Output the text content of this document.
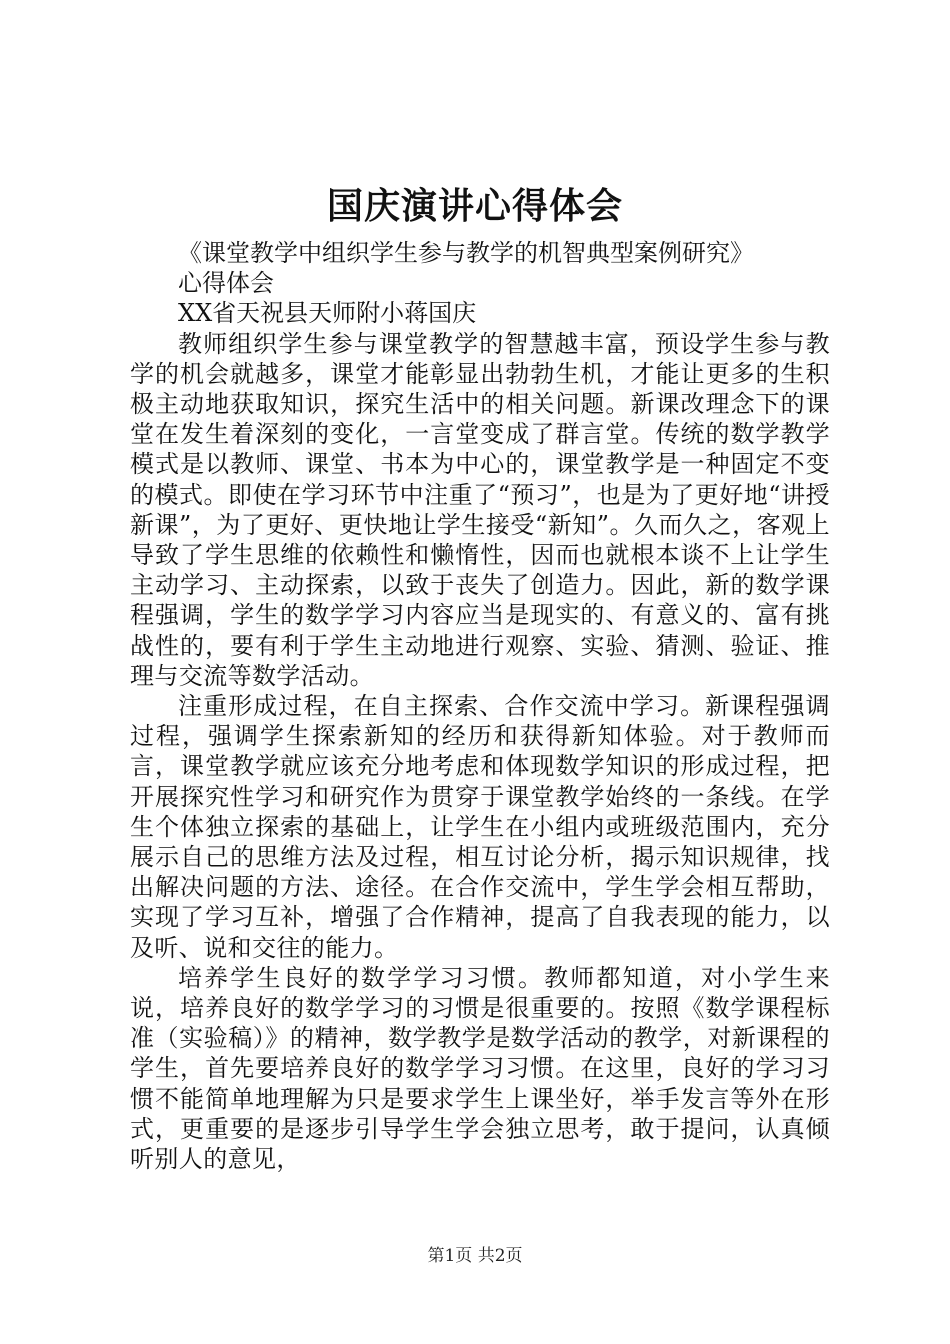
国庆演讲心得体会

《课堂教学中组织学生参与教学的机智典型案例研究》

心得体会

XX省天祝县天师附小蒋国庆

教师组织学生参与课堂教学的智慧越丰富，预设学生参与教学的机会就越多，课堂才能彰显出勃勃生机，才能让更多的生积极主动地获取知识，探究生活中的相关问题。新课改理念下的课堂在发生着深刻的变化，一言堂变成了群言堂。传统的数学教学模式是以教师、课堂、书本为中心的，课堂教学是一种固定不变的模式。即使在学习环节中注重了“预习”，也是为了更好地“讲授新课”，为了更好、更快地让学生接受“新知”。久而久之，客观上导致了学生思维的依赖性和懒惰性，因而也就根本谈不上让学生主动学习、主动探索，以致于丧失了创造力。因此，新的数学课程强调，学生的数学学习内容应当是现实的、有意义的、富有挑战性的，要有利于学生主动地进行观察、实验、猜测、验证、推理与交流等数学活动。

注重形成过程，在自主探索、合作交流中学习。新课程强调过程，强调学生探索新知的经历和获得新知体验。对于教师而言，课堂教学就应该充分地考虑和体现数学知识的形成过程，把开展探究性学习和研究作为贯穿于课堂教学始终的一条线。在学生个体独立探索的基础上，让学生在小组内或班级范围内，充分展示自己的思维方法及过程，相互讨论分析，揭示知识规律，找出解决问题的方法、途径。在合作交流中，学生学会相互帮助，实现了学习互补，增强了合作精神，提高了自我表现的能力，以及听、说和交往的能力。

培养学生良好的数学学习习惯。教师都知道，对小学生来说，培养良好的数学学习的习惯是很重要的。按照《数学课程标准（实验稿）》的精神，数学教学是数学活动的教学，对新课程的学生，首先要培养良好的数学学习习惯。在这里，良好的学习习惯不能简单地理解为只是要求学生上课坐好，举手发言等外在形式，更重要的是逐步引导学生学会独立思考，敢于提问，认真倾听别人的意见，

第1页 共2页
